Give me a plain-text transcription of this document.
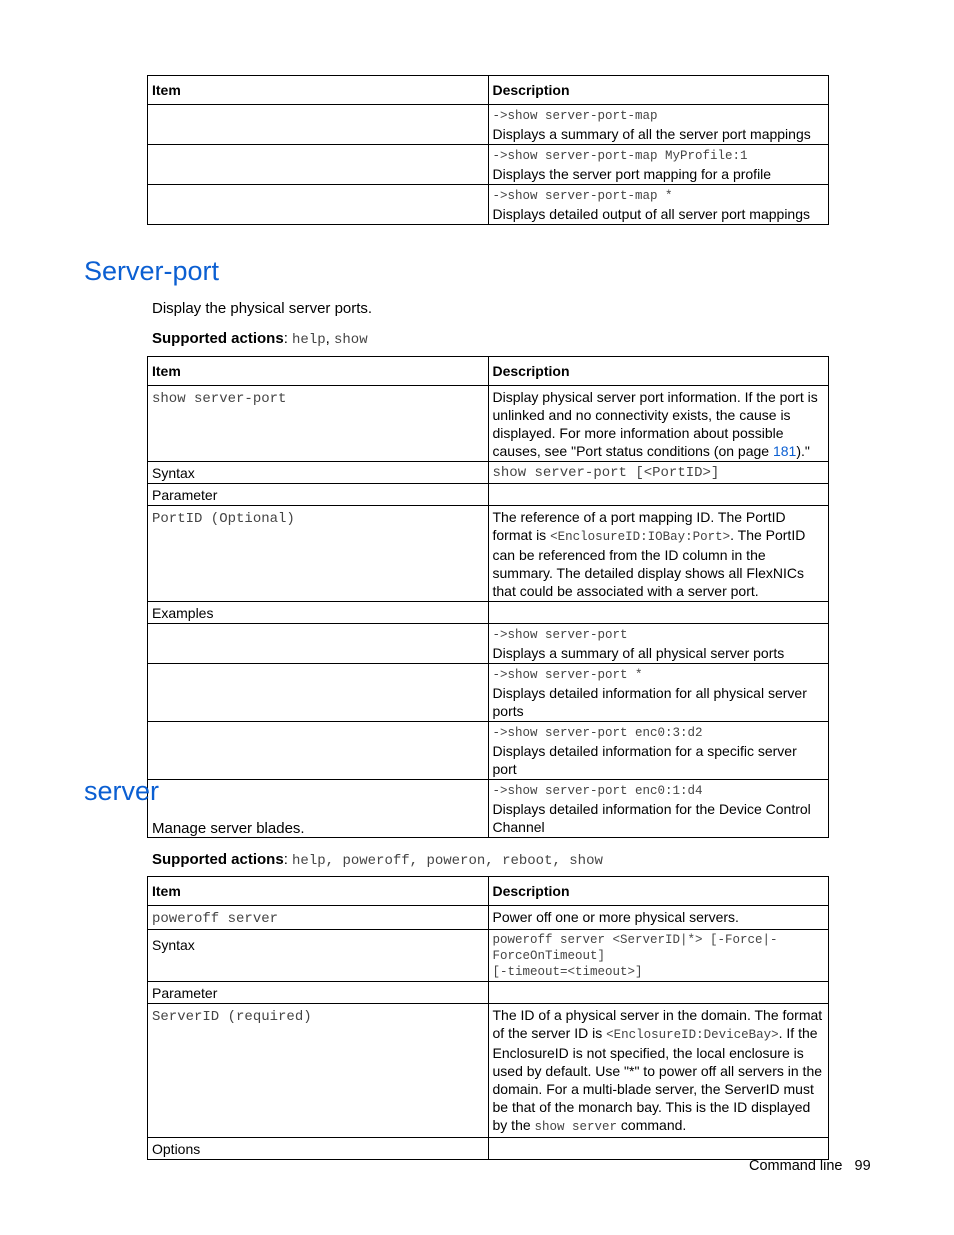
Item	Description

	->show server-port-map
Displays a summary of all the server port mappings

	->show server-port-map MyProfile:1
Displays the server port mapping for a profile

	->show server-port-map *
Displays detailed output of all server port mappings
Server-port

Display the physical server ports.

Supported actions: help, show

Item	Description
show server-port	Display physical server port information. If the port is unlinked and no connectivity exists, the cause is displayed. For more information about possible causes, see "Port status conditions (on page 181)."
Syntax	show server-port [<PortID>]
Parameter	
PortID (Optional)	The reference of a port mapping ID. The PortID format is <EnclosureID:IOBay:Port>. The PortID can be referenced from the ID column in the summary. The detailed display shows all FlexNICs that could be associated with a server port.
Examples	

	->show server-port
Displays a summary of all physical server ports

	->show server-port *
Displays detailed information for all physical server ports

	->show server-port enc0:3:d2
Displays detailed information for a specific server port

	->show server-port enc0:1:d4
Displays detailed information for the Device Control Channel
server

Manage server blades.

Supported actions: help, poweroff, poweron, reboot, show

Item	Description
poweroff server	Power off one or more physical servers.
Syntax	poweroff server <ServerID|*> [-Force|-ForceOnTimeout]
[-timeout=<timeout>]

Parameter	
ServerID (required)	The ID of a physical server in the domain. The format of the server ID is <EnclosureID:DeviceBay>. If the EnclosureID is not specified, the local enclosure is used by default. Use "*" to power off all servers in the domain. For a multi-blade server, the ServerID must be that of the monarch bay. This is the ID displayed by the show server command.
Options	
Command line 99
